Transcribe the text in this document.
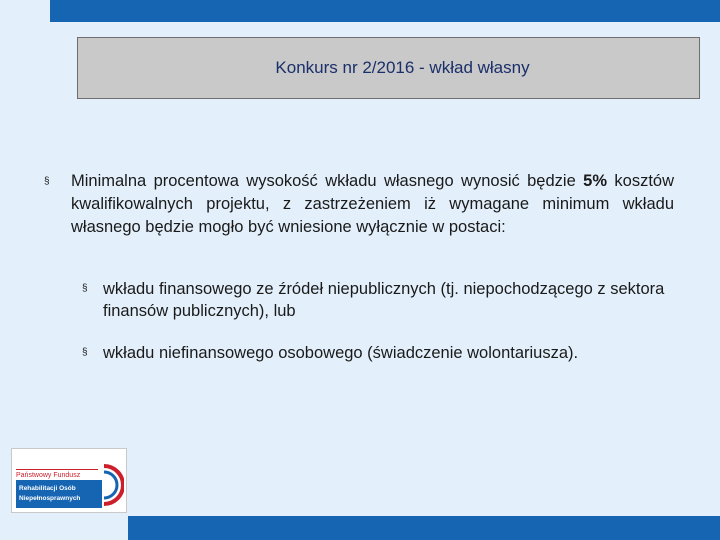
Konkurs nr 2/2016 - wkład własny
§ Minimalna procentowa wysokość wkładu własnego wynosić będzie 5% kosztów kwalifikowalnych projektu, z zastrzeżeniem iż wymagane minimum wkładu własnego będzie mogło być wniesione wyłącznie w postaci:
§ wkładu finansowego ze źródeł niepublicznych (tj. niepochodzącego z sektora finansów publicznych), lub
§ wkładu niefinansowego osobowego (świadczenie wolontariusza).
Państwowy Fundusz
Rehabilitacji Osób
Niepełnosprawnych
